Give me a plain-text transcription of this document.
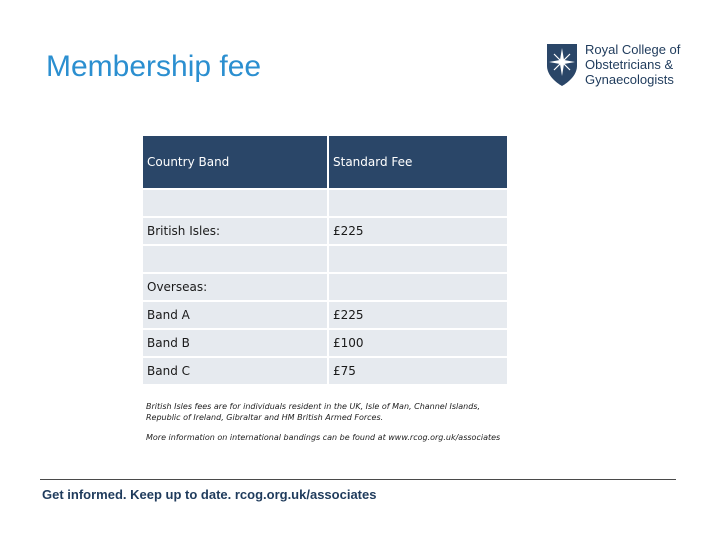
Membership fee
Royal College of
Obstetricians &
Gynaecologists
Country Band	Standard Fee

British Isles:	£225

Overseas:	
Band A	£225
Band B	£100
Band C	£75

British Isles fees are for individuals resident in the UK, Isle of Man, Channel Islands, Republic of Ireland, Gibraltar and HM British Armed Forces.

More information on international bandings can be found at www.rcog.org.uk/associates

Get informed. Keep up to date. rcog.org.uk/associates
